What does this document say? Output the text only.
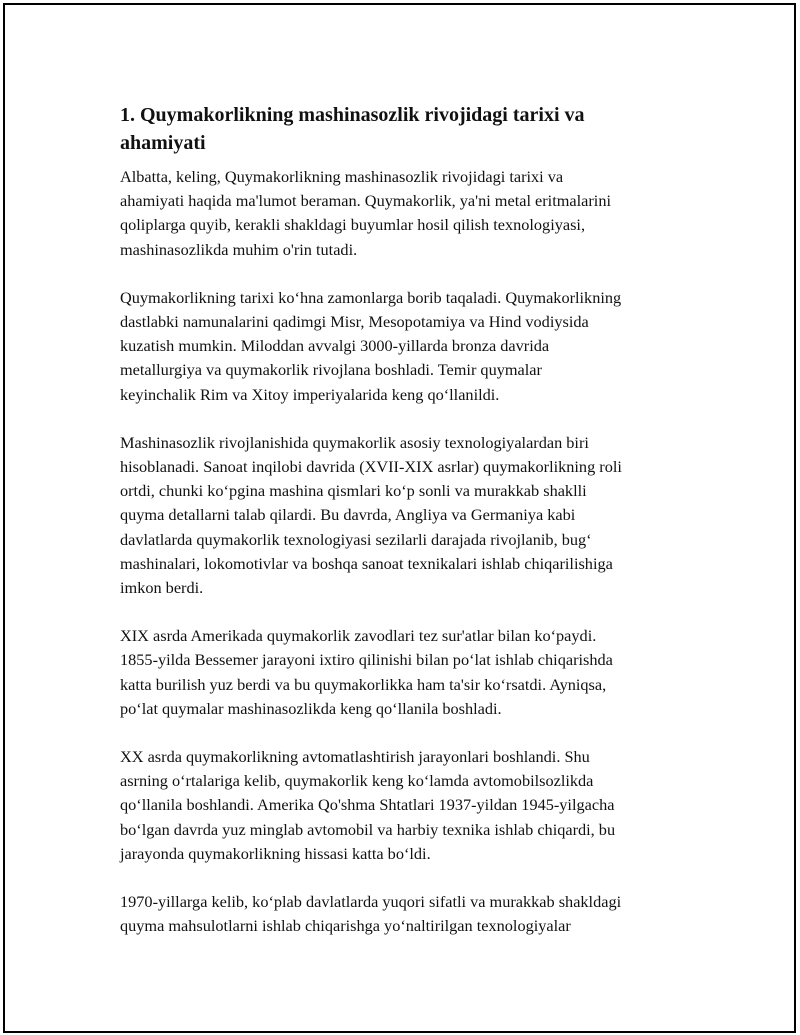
1. Quymakorlikning mashinasozlik rivojidagi tarixi va
ahamiyati

Albatta, keling, Quymakorlikning mashinasozlik rivojidagi tarixi va
ahamiyati haqida ma'lumot beraman. Quymakorlik, ya'ni metal eritmalarini
qoliplarga quyib, kerakli shakldagi buyumlar hosil qilish texnologiyasi,
mashinasozlikda muhim o'rin tutadi.

Quymakorlikning tarixi koʻhna zamonlarga borib taqaladi. Quymakorlikning
dastlabki namunalarini qadimgi Misr, Mesopotamiya va Hind vodiysida
kuzatish mumkin. Miloddan avvalgi 3000-yillarda bronza davrida
metallurgiya va quymakorlik rivojlana boshladi. Temir quymalar
keyinchalik Rim va Xitoy imperiyalarida keng qoʻllanildi.

Mashinasozlik rivojlanishida quymakorlik asosiy texnologiyalardan biri
hisoblanadi. Sanoat inqilobi davrida (XVII-XIX asrlar) quymakorlikning roli
ortdi, chunki koʻpgina mashina qismlari koʻp sonli va murakkab shaklli
quyma detallarni talab qilardi. Bu davrda, Angliya va Germaniya kabi
davlatlarda quymakorlik texnologiyasi sezilarli darajada rivojlanib, bugʻ
mashinalari, lokomotivlar va boshqa sanoat texnikalari ishlab chiqarilishiga
imkon berdi.

XIX asrda Amerikada quymakorlik zavodlari tez sur'atlar bilan koʻpaydi.
1855-yilda Bessemer jarayoni ixtiro qilinishi bilan poʻlat ishlab chiqarishda
katta burilish yuz berdi va bu quymakorlikka ham ta'sir koʻrsatdi. Ayniqsa,
poʻlat quymalar mashinasozlikda keng qoʻllanila boshladi.

XX asrda quymakorlikning avtomatlashtirish jarayonlari boshlandi. Shu
asrning oʻrtalariga kelib, quymakorlik keng koʻlamda avtomobilsozlikda
qoʻllanila boshlandi. Amerika Qo'shma Shtatlari 1937-yildan 1945-yilgacha
boʻlgan davrda yuz minglab avtomobil va harbiy texnika ishlab chiqardi, bu
jarayonda quymakorlikning hissasi katta boʻldi.

1970-yillarga kelib, koʻplab davlatlarda yuqori sifatli va murakkab shakldagi
quyma mahsulotlarni ishlab chiqarishga yoʻnaltirilgan texnologiyalar
